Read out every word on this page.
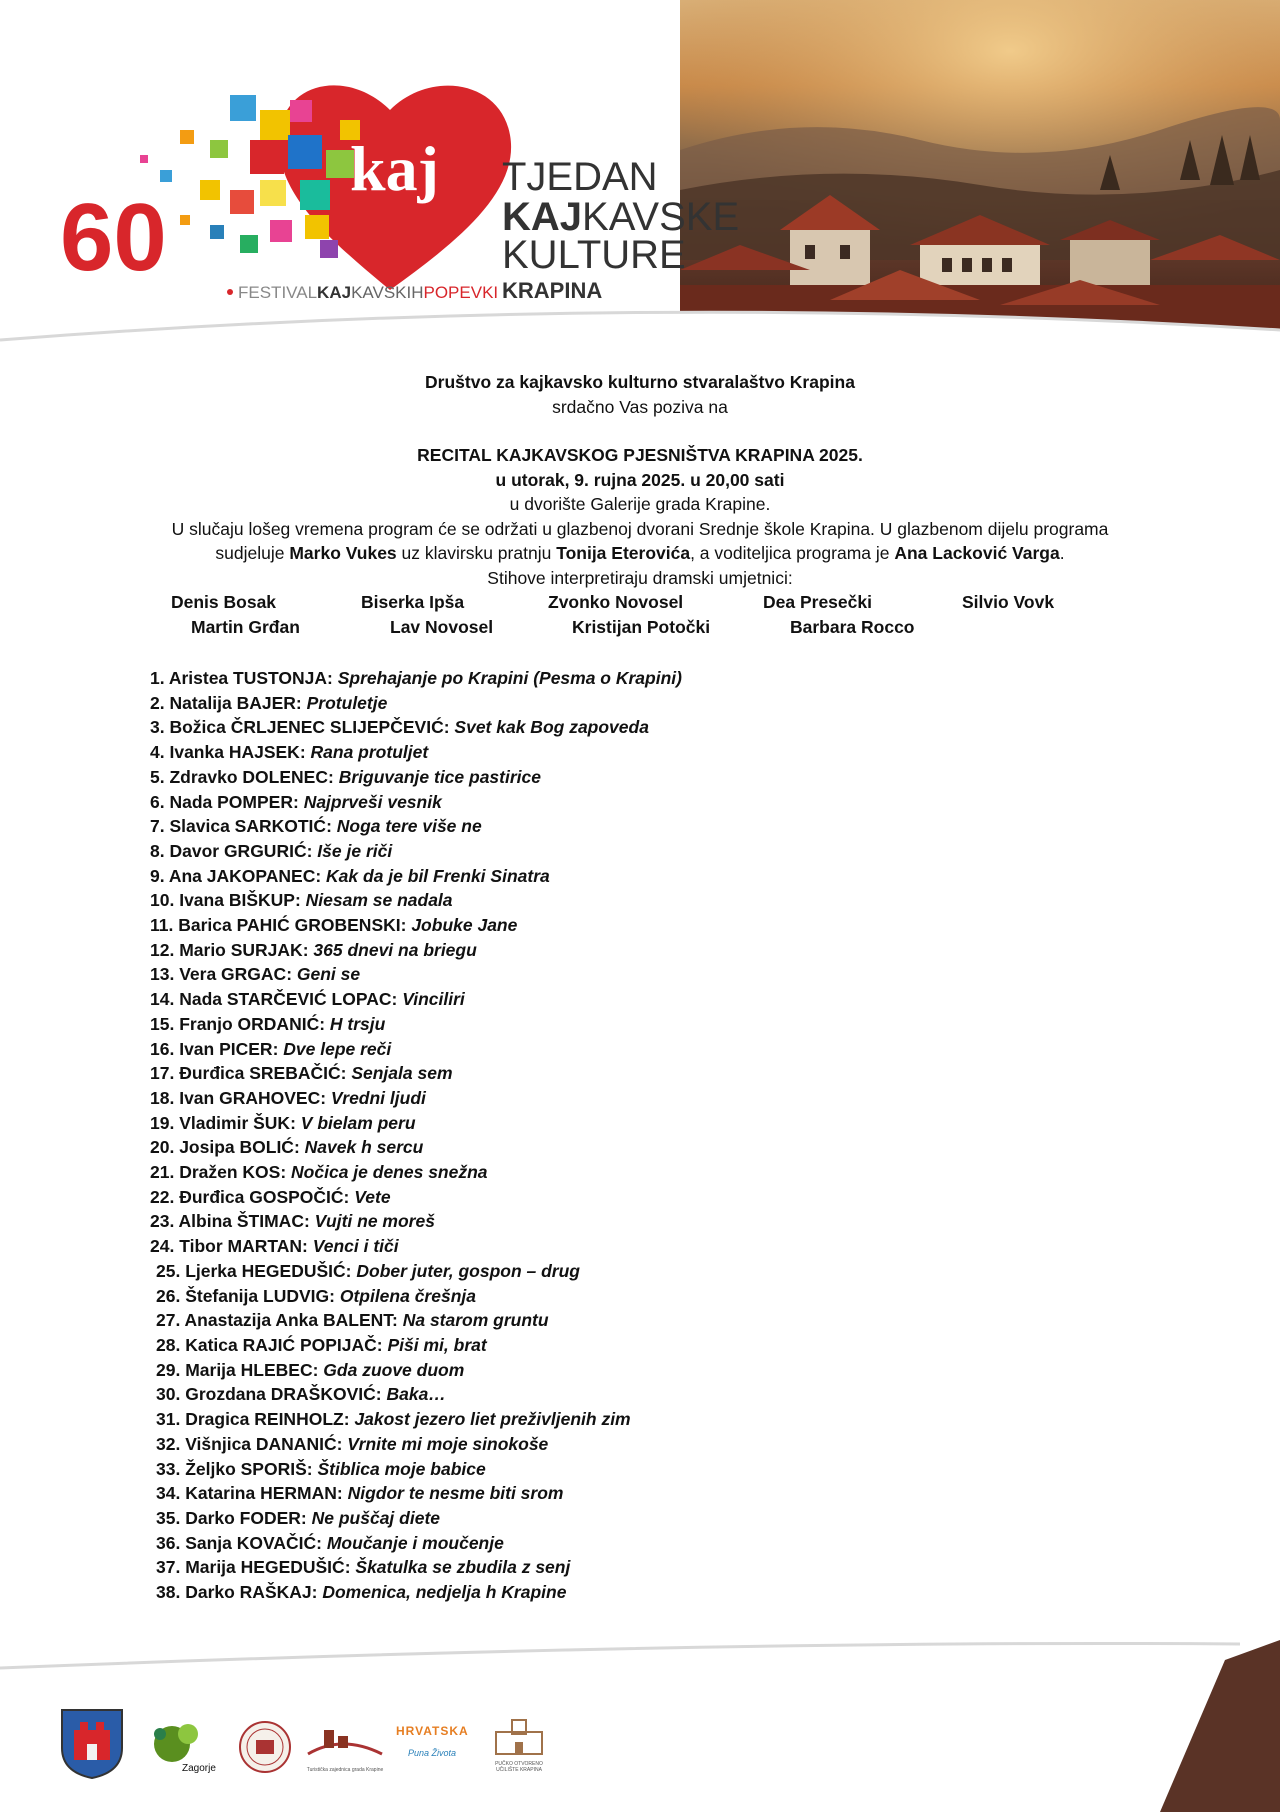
kaj
60
TJEDAN
KAJKAVSKE
KULTURE
KRAPINA
FESTIVALKAJKAVSKIHPOPEVKI

Društvo za kajkavsko kulturno stvaralaštvo Krapina

srdačno Vas poziva na

RECITAL KAJKAVSKOG PJESNIŠTVA KRAPINA 2025.

u utorak, 9. rujna 2025. u 20,00 sati

u dvorište Galerije grada Krapine.

U slučaju lošeg vremena program će se održati u glazbenoj dvorani Srednje škole Krapina. U glazbenom dijelu programa

sudjeluje Marko Vukes uz klavirsku pratnju Tonija Eterovića, a voditeljica programa je Ana Lacković Varga.

Stihove interpretiraju dramski umjetnici:

Denis Bosak	Biserka Ipša	Zvonko Novosel	Dea Presečki	Silvio Vovk
Martin Grđan	Lav Novosel	Kristijan Potočki	Barbara Rocco
1. Aristea TUSTONJA: Sprehajanje po Krapini (Pesma o Krapini)
2. Natalija BAJER: Protuletje
3. Božica ČRLJENEC SLIJEPČEVIĆ: Svet kak Bog zapoveda
4. Ivanka HAJSEK: Rana protuljet
5. Zdravko DOLENEC: Briguvanje tice pastirice
6. Nada POMPER: Najprveši vesnik
7. Slavica SARKOTIĆ: Noga tere više ne
8. Davor GRGURIĆ: Iše je riči
9. Ana JAKOPANEC: Kak da je bil Frenki Sinatra
10. Ivana BIŠKUP: Niesam se nadala
11. Barica PAHIĆ GROBENSKI: Jobuke Jane
12. Mario SURJAK: 365 dnevi na briegu
13. Vera GRGAC: Geni se
14. Nada STARČEVIĆ LOPAC: Vinciliri
15. Franjo ORDANIĆ: H trsju
16. Ivan PICER: Dve lepe reči
17. Đurđica SREBAČIĆ: Senjala sem
18. Ivan GRAHOVEC: Vredni ljudi
19. Vladimir ŠUK: V bielam peru
20. Josipa BOLIĆ: Navek h sercu
21. Dražen KOS: Nočica je denes snežna
22. Đurđica GOSPOČIĆ: Vete
23. Albina ŠTIMAC: Vujti ne moreš
24. Tibor MARTAN: Venci i tiči
25. Ljerka HEGEDUŠIĆ: Dober juter, gospon – drug
26. Štefanija LUDVIG: Otpilena črešnja
27. Anastazija Anka BALENT: Na starom gruntu
28. Katica RAJIĆ POPIJAČ: Piši mi, brat
29. Marija HLEBEC: Gda zuove duom
30. Grozdana DRAŠKOVIĆ: Baka…
31. Dragica REINHOLZ: Jakost jezero liet preživljenih zim
32. Višnjica DANANIĆ: Vrnite mi moje sinokoše
33. Željko SPORIŠ: Štiblica moje babice
34. Katarina HERMAN: Nigdor te nesme biti srom
35. Darko FODER: Ne puščaj diete
36. Sanja KOVAČIĆ: Moučanje i moučenje
37. Marija HEGEDUŠIĆ: Škatulka se zbudila z senj
38. Darko RAŠKAJ: Domenica, nedjelja h Krapine
Zagorje	Turistička zajednica grada Krapine
HRVATSKA
Puna Života
PUČKO OTVORENO UČILIŠTE KRAPINA
